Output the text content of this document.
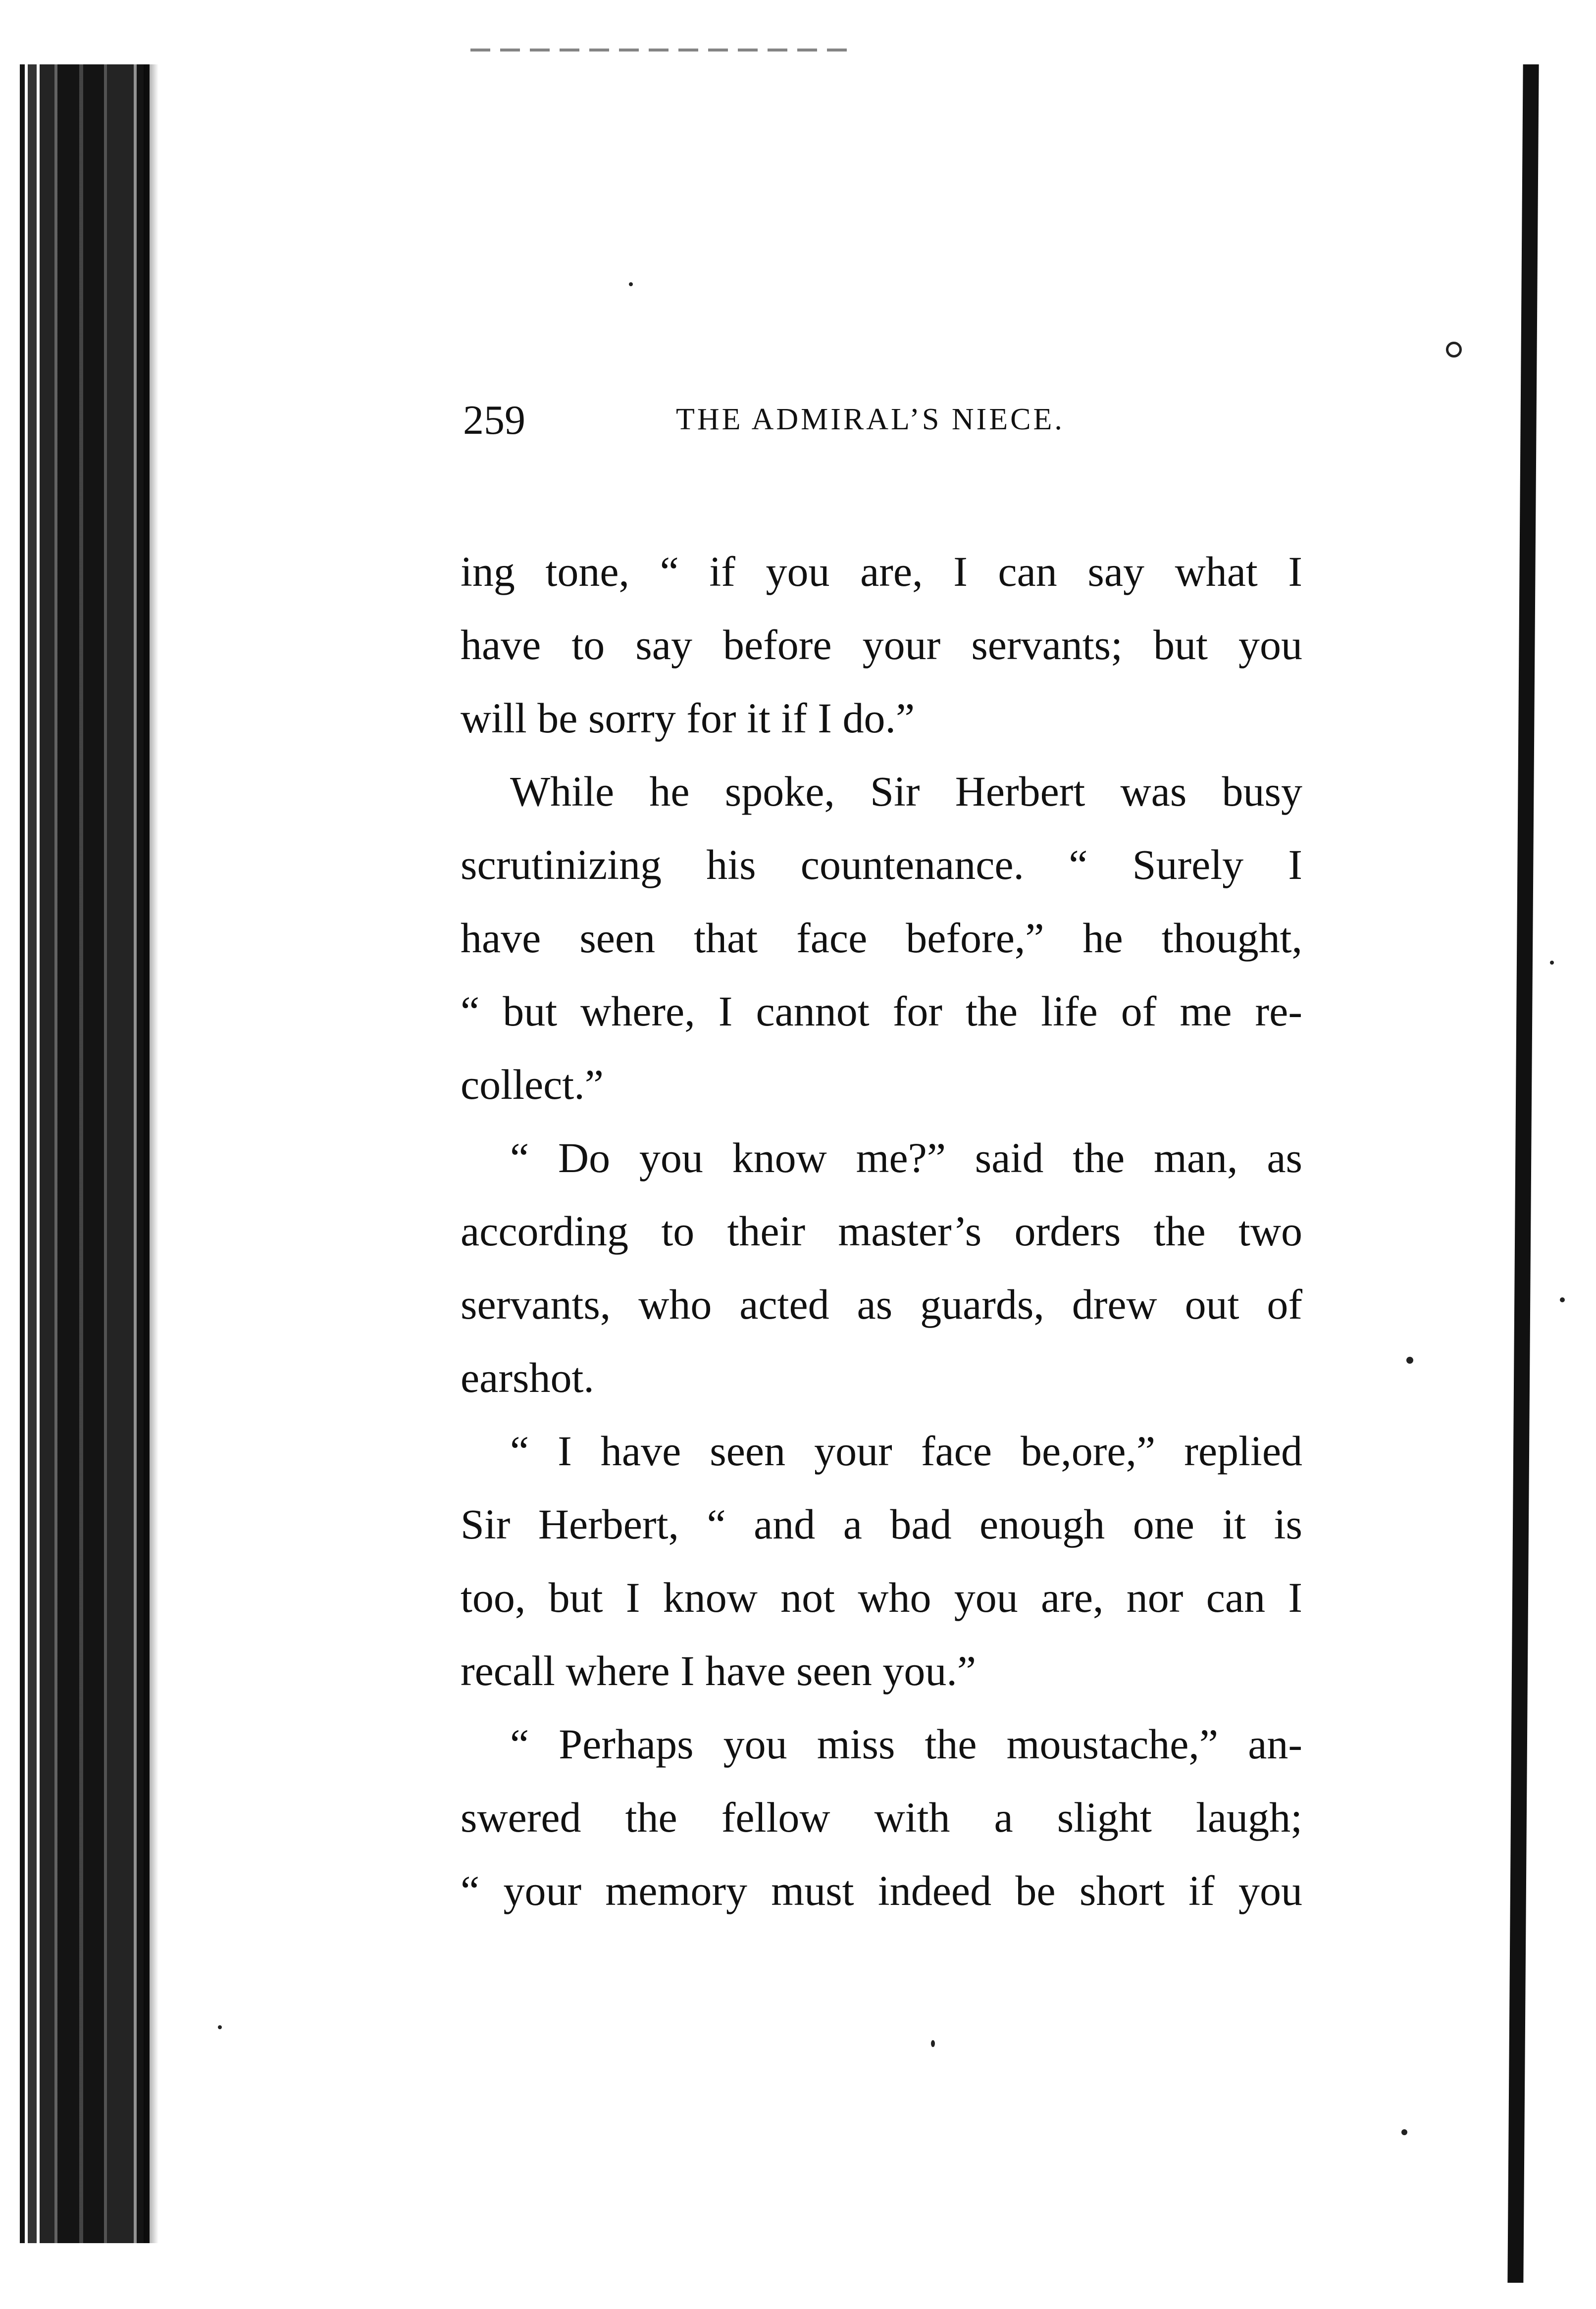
259	THE ADMIRAL’S NIECE.
ing tone, “ if you are, I can say what I
have to say before your servants; but you
will be sorry for it if I do.”
While he spoke, Sir Herbert was busy
scrutinizing his countenance. “ Surely I
have seen that face before,” he thought,
“ but where, I cannot for the life of me re-
collect.”
“ Do you know me?” said the man, as
according to their master’s orders the two
servants, who acted as guards, drew out of
earshot.
“ I have seen your face be,ore,” replied
Sir Herbert, “ and a bad enough one it is
too, but I know not who you are, nor can I
recall where I have seen you.”
“ Perhaps you miss the moustache,” an-
swered the fellow with a slight laugh;
“ your memory must indeed be short if you
